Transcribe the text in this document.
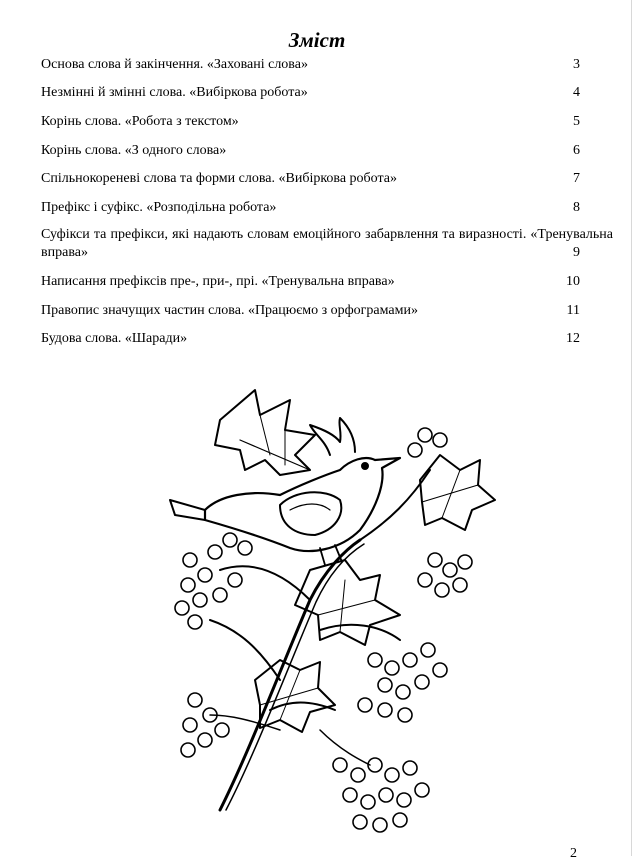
Зміст
Основа слова й закінчення. «Заховані слова»	3
Незмінні й змінні слова. «Вибіркова робота»	4
Корінь слова. «Робота з текстом»	5
Корінь слова. «З одного слова»	6
Спільнокореневі слова та форми слова. «Вибіркова робота»	7
Префікс і суфікс. «Розподільна робота»	8
Суфікси та префікси, які надають словам емоційного забарвлення та виразності. «Тренувальна вправа»	9
Написання префіксів пре-, при-, прі. «Тренувальна вправа»	10
Правопис значущих частин слова. «Працюємо з орфограмами»	11
Будова слова. «Шаради»	12
2
